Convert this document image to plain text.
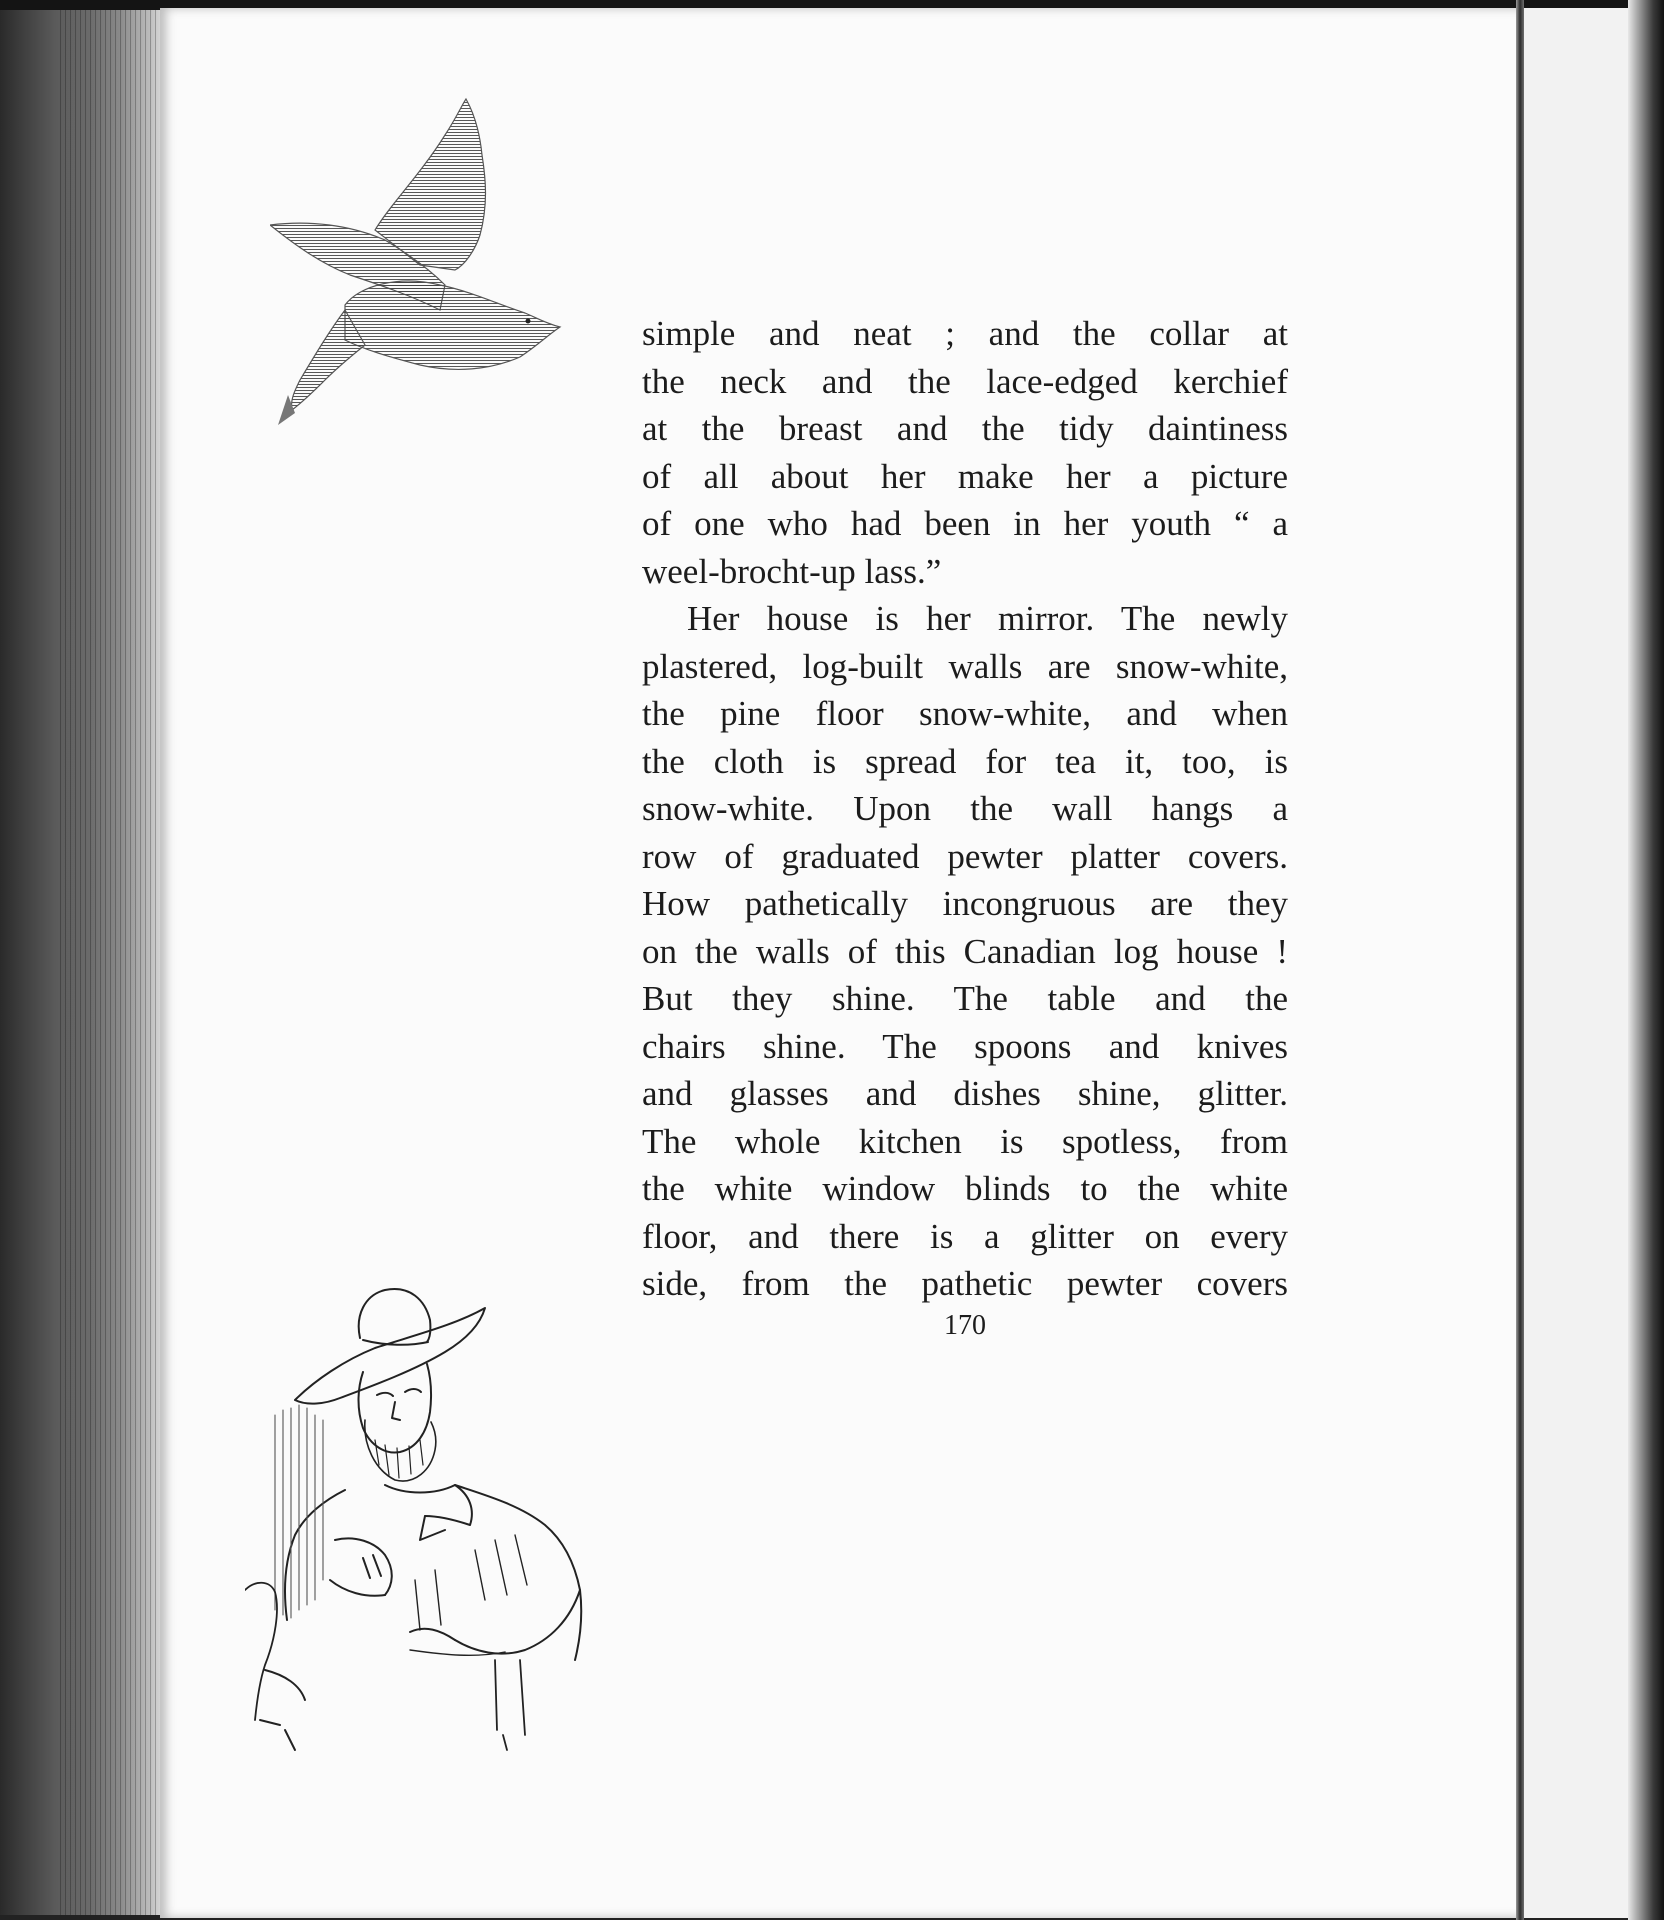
simple and neat ; and the collar at
the neck and the lace-edged kerchief
at the breast and the tidy daintiness
of all about her make her a picture
of one who had been in her youth “ a
weel-brocht-up lass.”
Her house is her mirror. The newly
plastered, log-built walls are snow-white,
the pine floor snow-white, and when
the cloth is spread for tea it, too, is
snow-white. Upon the wall hangs a
row of graduated pewter platter covers.
How pathetically incongruous are they
on the walls of this Canadian log house !
But they shine. The table and the
chairs shine. The spoons and knives
and glasses and dishes shine, glitter.
The whole kitchen is spotless, from
the white window blinds to the white
floor, and there is a glitter on every
side, from the pathetic pewter covers
170
